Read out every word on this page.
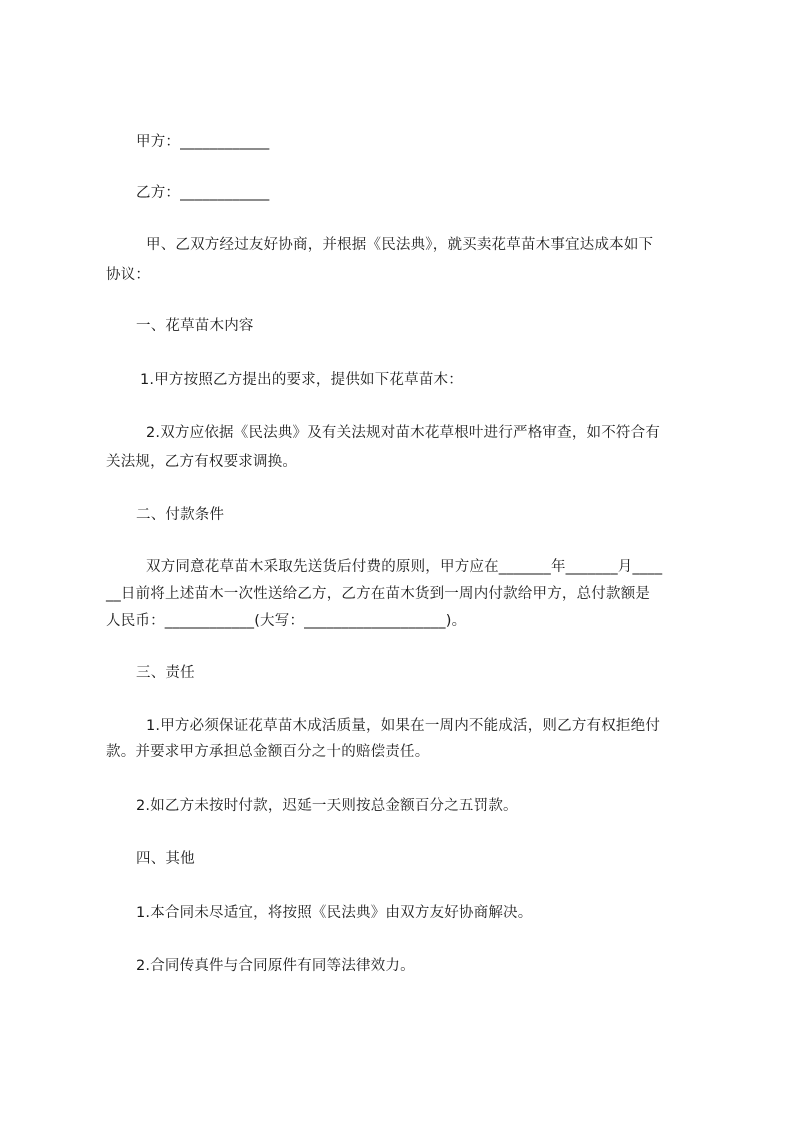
甲方：____________
乙方：____________
甲、乙双方经过友好协商，并根据《民法典》，就买卖花草苗木事宜达成本如下
协议：
一、花草苗木内容
1.甲方按照乙方提出的要求，提供如下花草苗木：
2.双方应依据《民法典》及有关法规对苗木花草根叶进行严格审查，如不符合有
关法规，乙方有权要求调换。
二、付款条件
双方同意花草苗木采取先送货后付费的原则，甲方应在_______年_______月____
__日前将上述苗木一次性送给乙方，乙方在苗木货到一周内付款给甲方，总付款额是
人民币：____________(大写：___________________)。
三、责任
1.甲方必须保证花草苗木成活质量，如果在一周内不能成活，则乙方有权拒绝付
款。并要求甲方承担总金额百分之十的赔偿责任。
2.如乙方未按时付款，迟延一天则按总金额百分之五罚款。
四、其他
1.本合同未尽适宜，将按照《民法典》由双方友好协商解决。
2.合同传真件与合同原件有同等法律效力。
